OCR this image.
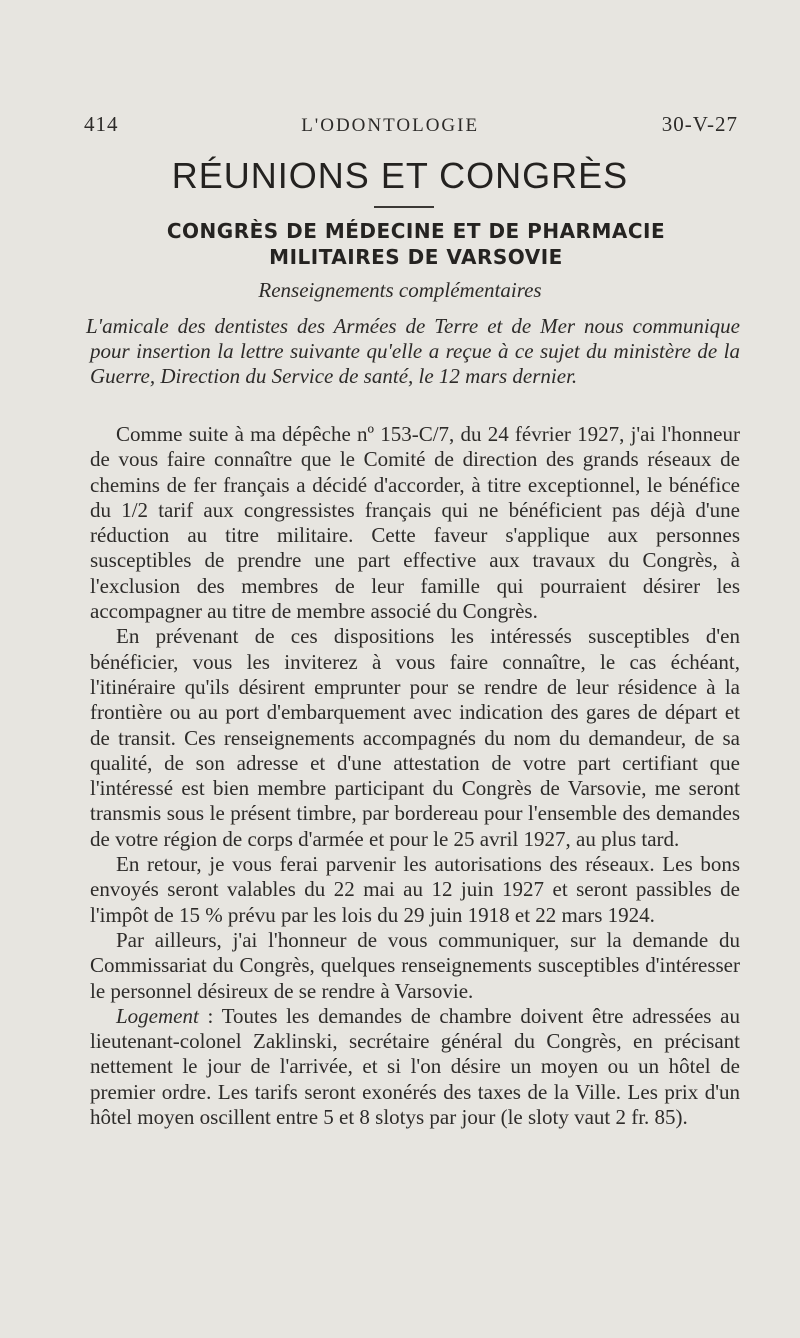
414	L'ODONTOLOGIE	30-V-27
RÉUNIONS ET CONGRÈS
CONGRÈS DE MÉDECINE ET DE PHARMACIE
MILITAIRES DE VARSOVIE
Renseignements complémentaires
L'amicale des dentistes des Armées de Terre et de Mer nous communique pour insertion la lettre suivante qu'elle a reçue à ce sujet du ministère de la Guerre, Direction du Service de santé, le 12 mars dernier.

Comme suite à ma dépêche nº 153-C/7, du 24 février 1927, j'ai l'honneur de vous faire connaître que le Comité de direction des grands réseaux de chemins de fer français a décidé d'accorder, à titre exceptionnel, le bénéfice du 1/2 tarif aux congressistes français qui ne bénéficient pas déjà d'une réduction au titre militaire. Cette faveur s'applique aux personnes susceptibles de prendre une part effective aux travaux du Congrès, à l'exclusion des membres de leur famille qui pourraient désirer les accompagner au titre de membre associé du Congrès.

En prévenant de ces dispositions les intéressés susceptibles d'en bénéficier, vous les inviterez à vous faire connaître, le cas échéant, l'itinéraire qu'ils désirent emprunter pour se rendre de leur résidence à la frontière ou au port d'embarquement avec indication des gares de départ et de transit. Ces renseignements accompagnés du nom du demandeur, de sa qualité, de son adresse et d'une attestation de votre part certifiant que l'intéressé est bien membre participant du Congrès de Varsovie, me seront transmis sous le présent timbre, par bordereau pour l'ensemble des demandes de votre région de corps d'armée et pour le 25 avril 1927, au plus tard.

En retour, je vous ferai parvenir les autorisations des réseaux. Les bons envoyés seront valables du 22 mai au 12 juin 1927 et seront passibles de l'impôt de 15 % prévu par les lois du 29 juin 1918 et 22 mars 1924.

Par ailleurs, j'ai l'honneur de vous communiquer, sur la demande du Commissariat du Congrès, quelques renseignements susceptibles d'intéresser le personnel désireux de se rendre à Varsovie.

Logement : Toutes les demandes de chambre doivent être adressées au lieutenant-colonel Zaklinski, secrétaire général du Congrès, en précisant nettement le jour de l'arrivée, et si l'on désire un moyen ou un hôtel de premier ordre. Les tarifs seront exonérés des taxes de la Ville. Les prix d'un hôtel moyen oscillent entre 5 et 8 slotys par jour (le sloty vaut 2 fr. 85).
